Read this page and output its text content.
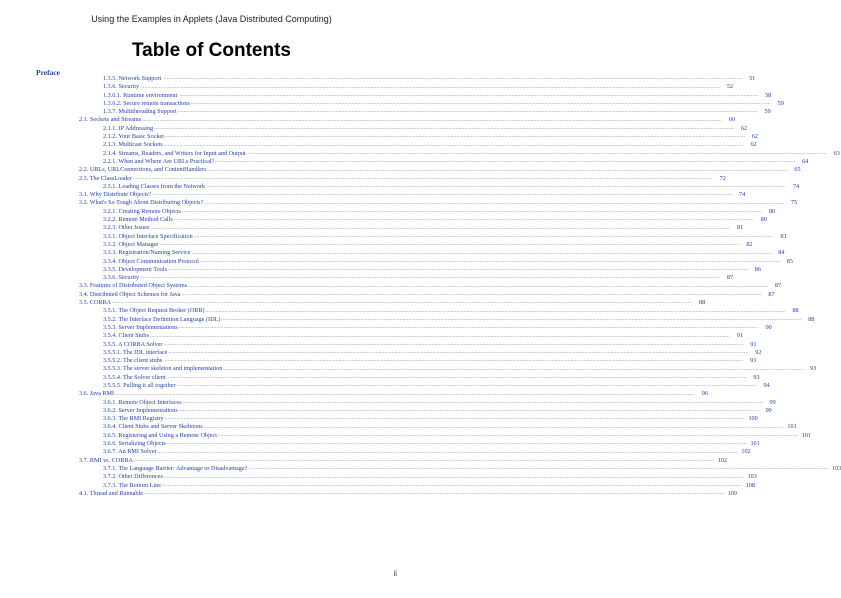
Using the Examples in Applets (Java Distributed Computing)
Table of Contents
Preface
1.3.5. Network Support ................................................................................................................................................................................................................................................................................................................................................................................................................	51
1.3.6. Security ................................................................................................................................................................................................................................................................................................................................................................................................................	52
1.3.6.1. Runtime environment ................................................................................................................................................................................................................................................................................................................................................................................................................	58
1.3.6.2. Secure remote transactions ................................................................................................................................................................................................................................................................................................................................................................................................................	59
1.3.7. Multithreading Support ................................................................................................................................................................................................................................................................................................................................................................................................................	59
2.1. Sockets and Streams ................................................................................................................................................................................................................................................................................................................................................................................................................	60
2.1.1. IP Addressing ................................................................................................................................................................................................................................................................................................................................................................................................................	62
2.1.2. Your Basic Socket ................................................................................................................................................................................................................................................................................................................................................................................................................	62
2.1.3. Multicast Sockets ................................................................................................................................................................................................................................................................................................................................................................................................................	62
2.1.4. Streams, Readers, and Writers for Input and Output ................................................................................................................................................................................................................................................................................................................................................................................................................	63
2.2.1. When and Where Are URLs Practical? ................................................................................................................................................................................................................................................................................................................................................................................................................	64
2.2. URLs, URLConnections, and ContentHandlers ................................................................................................................................................................................................................................................................................................................................................................................................................	65
2.3. The ClassLoader ................................................................................................................................................................................................................................................................................................................................................................................................................	72
2.3.1. Loading Classes from the Network ................................................................................................................................................................................................................................................................................................................................................................................................................	74
3.1. Why Distribute Objects? ................................................................................................................................................................................................................................................................................................................................................................................................................	74
3.2. What's So Tough About Distributing Objects? ................................................................................................................................................................................................................................................................................................................................................................................................................	75
3.2.1. Creating Remote Objects ................................................................................................................................................................................................................................................................................................................................................................................................................	80
3.2.2. Remote Method Calls ................................................................................................................................................................................................................................................................................................................................................................................................................	80
3.2.3. Other Issues ................................................................................................................................................................................................................................................................................................................................................................................................................	81
3.3.1. Object Interface Specification ................................................................................................................................................................................................................................................................................................................................................................................................................	81
3.3.2. Object Manager ................................................................................................................................................................................................................................................................................................................................................................................................................	82
3.3.3. Registration/Naming Service ................................................................................................................................................................................................................................................................................................................................................................................................................	84
3.3.4. Object Communication Protocol ................................................................................................................................................................................................................................................................................................................................................................................................................	85
3.3.5. Development Tools ................................................................................................................................................................................................................................................................................................................................................................................................................	86
3.3.6. Security ................................................................................................................................................................................................................................................................................................................................................................................................................	87
3.3. Features of Distributed Object Systems ................................................................................................................................................................................................................................................................................................................................................................................................................	87
3.4. Distributed Object Schemes for Java ................................................................................................................................................................................................................................................................................................................................................................................................................	87
3.5. CORBA ................................................................................................................................................................................................................................................................................................................................................................................................................	88
3.5.1. The Object Request Broker (ORB) ................................................................................................................................................................................................................................................................................................................................................................................................................	88
3.5.2. The Interface Definition Language (IDL) ................................................................................................................................................................................................................................................................................................................................................................................................................	88
3.5.3. Server Implementations ................................................................................................................................................................................................................................................................................................................................................................................................................	90
3.5.4. Client Stubs ................................................................................................................................................................................................................................................................................................................................................................................................................	91
3.5.5. A CORBA Solver ................................................................................................................................................................................................................................................................................................................................................................................................................	91
3.5.5.1. The IDL interface ................................................................................................................................................................................................................................................................................................................................................................................................................	92
3.5.5.2. The client stubs ................................................................................................................................................................................................................................................................................................................................................................................................................	93
3.5.5.3. The server skeleton and implementation ................................................................................................................................................................................................................................................................................................................................................................................................................	93
3.5.5.4. The Solver client ................................................................................................................................................................................................................................................................................................................................................................................................................	93
3.5.5.5. Pulling it all together ................................................................................................................................................................................................................................................................................................................................................................................................................	94
3.6. Java RMI ................................................................................................................................................................................................................................................................................................................................................................................................................	96
3.6.1. Remote Object Interfaces ................................................................................................................................................................................................................................................................................................................................................................................................................	99
3.6.2. Server Implementations ................................................................................................................................................................................................................................................................................................................................................................................................................	99
3.6.3. The RMI Registry ................................................................................................................................................................................................................................................................................................................................................................................................................ 100
3.6.4. Client Stubs and Server Skeletons ................................................................................................................................................................................................................................................................................................................................................................................................................ 101
3.6.5. Registering and Using a Remote Object ................................................................................................................................................................................................................................................................................................................................................................................................................ 101
3.6.6. Serializing Objects ................................................................................................................................................................................................................................................................................................................................................................................................................ 101
3.6.7. An RMI Solver ................................................................................................................................................................................................................................................................................................................................................................................................................ 102
3.7. RMI vs. CORBA ................................................................................................................................................................................................................................................................................................................................................................................................................ 102
3.7.1. The Language Barrier: Advantage or Disadvantage? ................................................................................................................................................................................................................................................................................................................................................................................................................ 103
3.7.2. Other Differences ................................................................................................................................................................................................................................................................................................................................................................................................................ 103
3.7.3. The Bottom Line ................................................................................................................................................................................................................................................................................................................................................................................................................ 108
4.1. Thread and Runnable ................................................................................................................................................................................................................................................................................................................................................................................................................ 109
ii
